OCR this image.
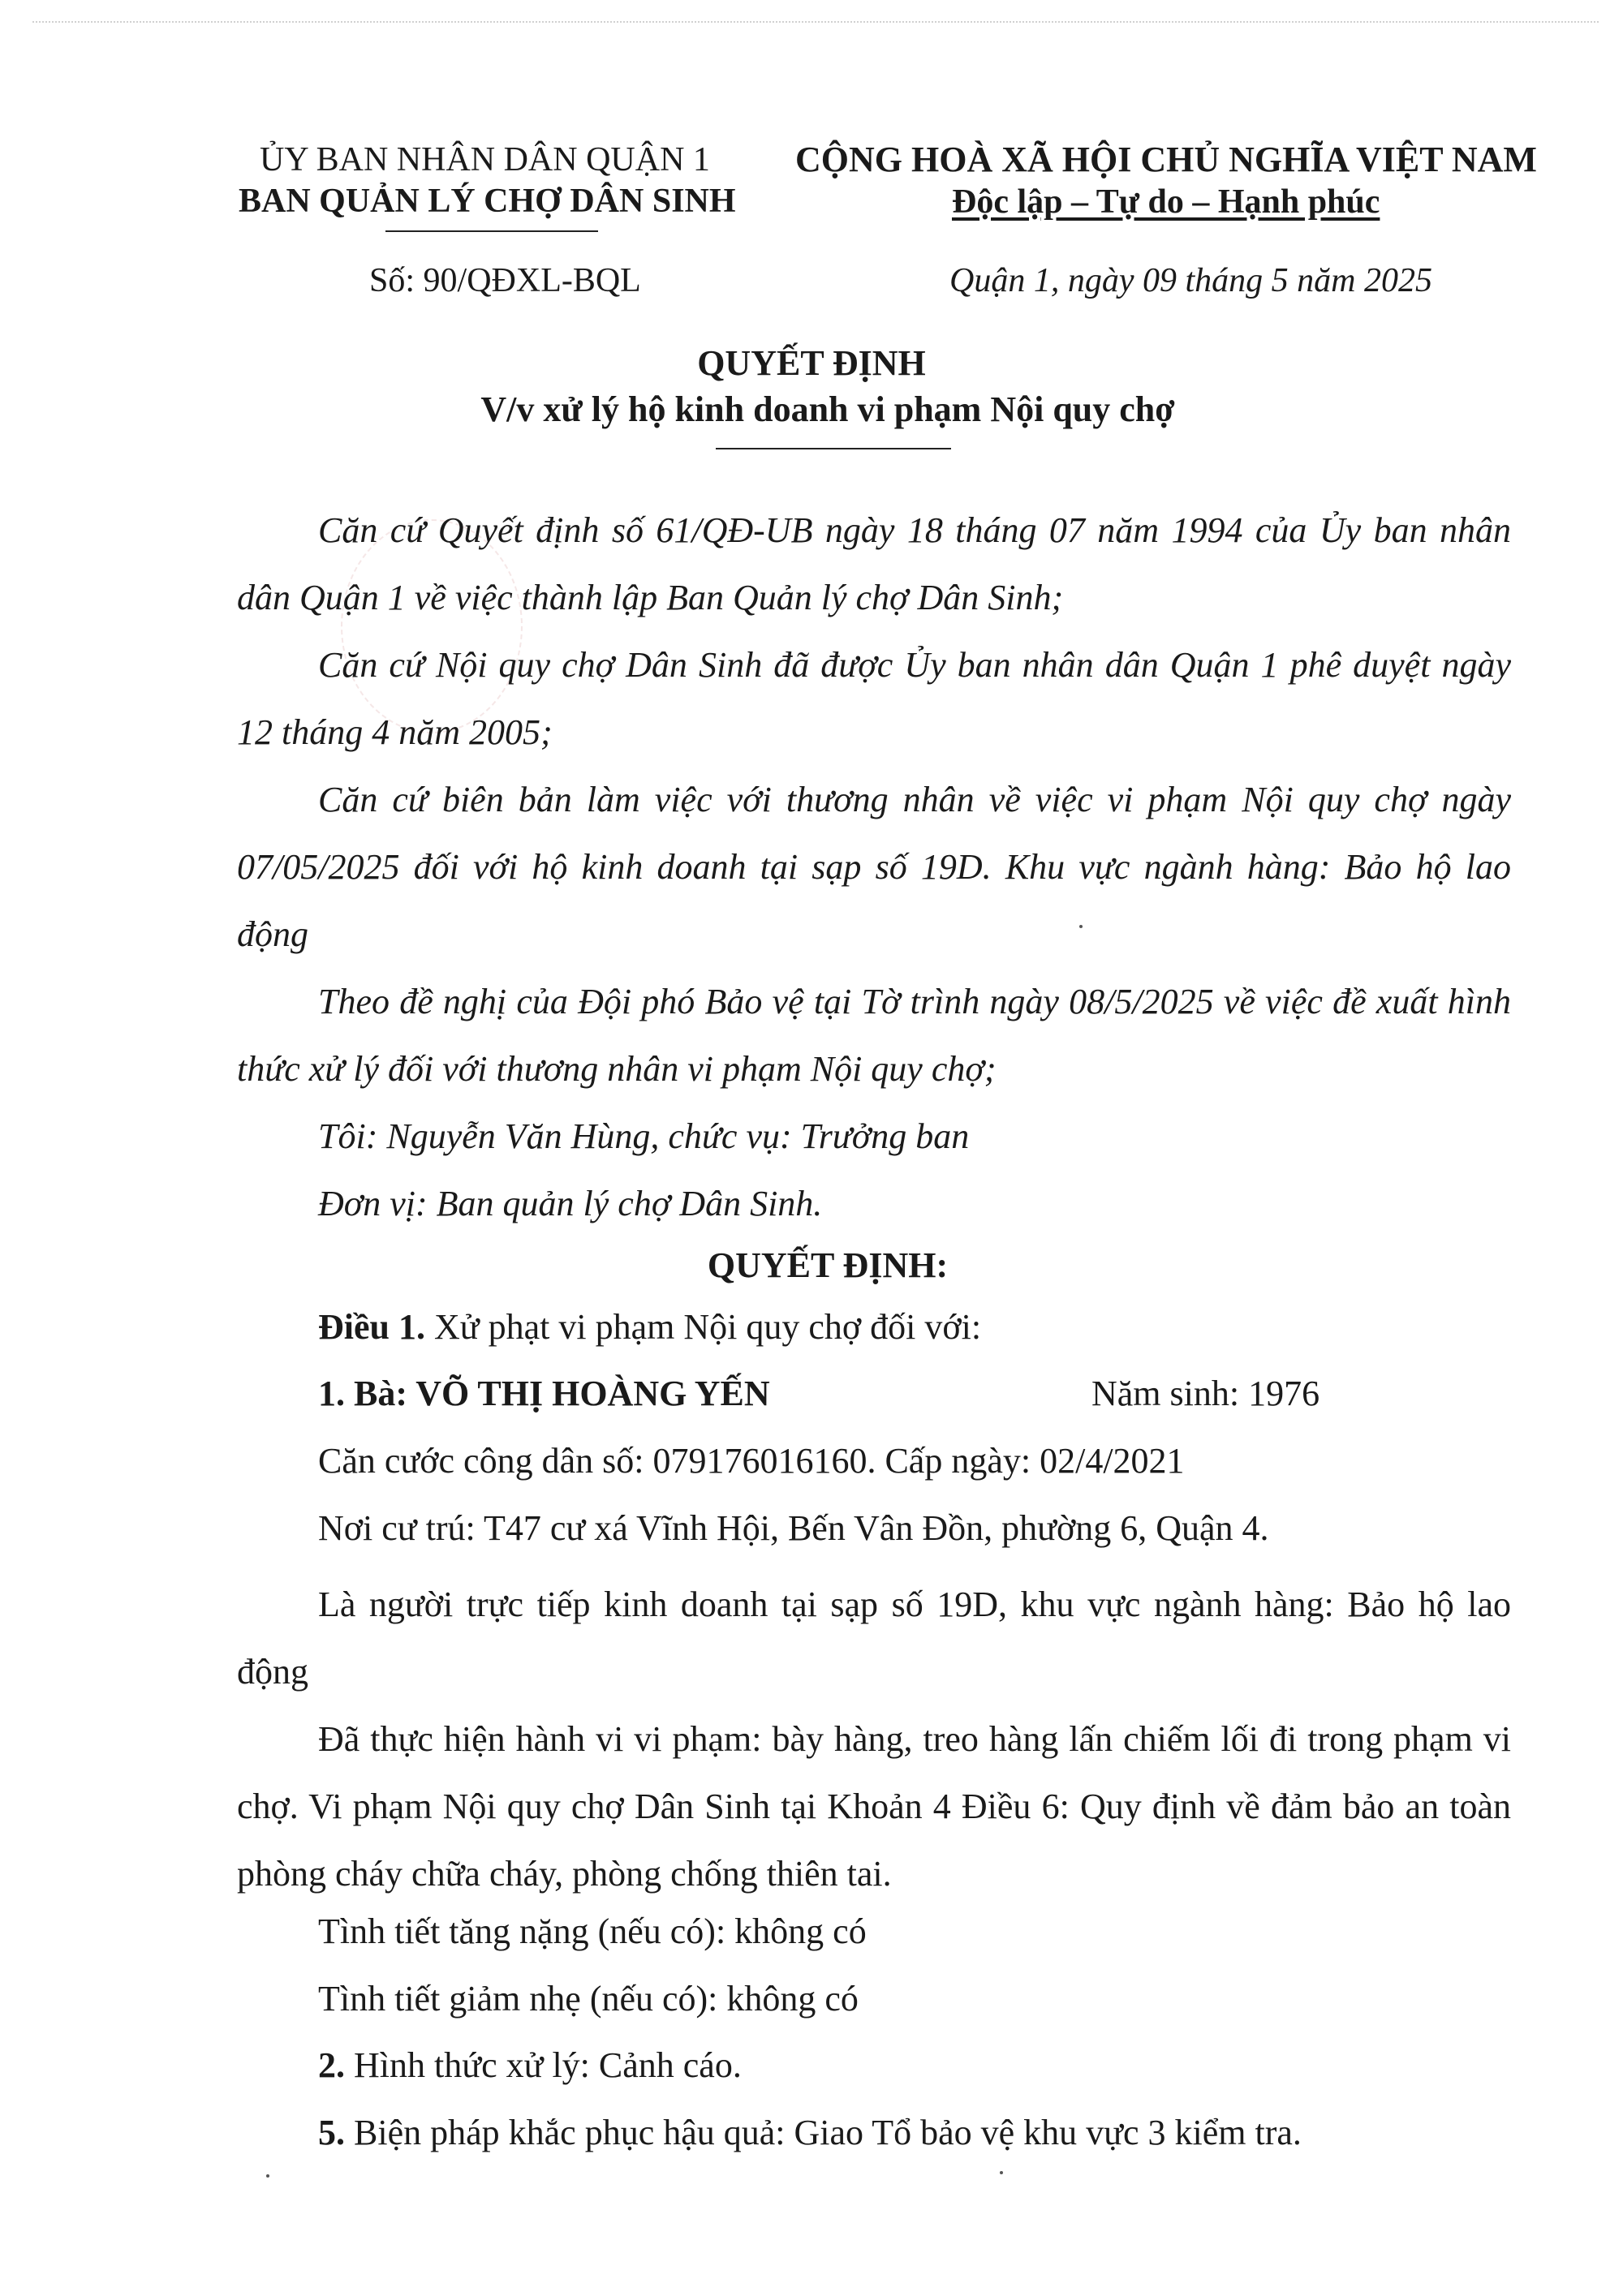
ỦY BAN NHÂN DÂN QUẬN 1
BAN QUẢN LÝ CHỢ DÂN SINH
CỘNG HOÀ XÃ HỘI CHỦ NGHĨA VIỆT NAM
Độc lập – Tự do – Hạnh phúc
Số: 90/QĐXL-BQL	Quận 1, ngày 09 tháng 5 năm 2025
QUYẾT ĐỊNH
V/v xử lý hộ kinh doanh vi phạm Nội quy chợ
Căn cứ Quyết định số 61/QĐ-UB ngày 18 tháng 07 năm 1994 của Ủy ban nhân dân Quận 1 về việc thành lập Ban Quản lý chợ Dân Sinh;
Căn cứ Nội quy chợ Dân Sinh đã được Ủy ban nhân dân Quận 1 phê duyệt ngày 12 tháng 4 năm 2005;
Căn cứ biên bản làm việc với thương nhân về việc vi phạm Nội quy chợ ngày 07/05/2025 đối với hộ kinh doanh tại sạp số 19D. Khu vực ngành hàng: Bảo hộ lao động
Theo đề nghị của Đội phó Bảo vệ tại Tờ trình ngày 08/5/2025 về việc đề xuất hình thức xử lý đối với thương nhân vi phạm Nội quy chợ;
Tôi: Nguyễn Văn Hùng, chức vụ: Trưởng ban
Đơn vị: Ban quản lý chợ Dân Sinh.
QUYẾT ĐỊNH:
Điều 1. Xử phạt vi phạm Nội quy chợ đối với:
1. Bà: VÕ THỊ HOÀNG YẾN	Năm sinh: 1976
Căn cước công dân số: 079176016160. Cấp ngày: 02/4/2021
Nơi cư trú: T47 cư xá Vĩnh Hội, Bến Vân Đồn, phường 6, Quận 4.
Là người trực tiếp kinh doanh tại sạp số 19D, khu vực ngành hàng: Bảo hộ lao động
Đã thực hiện hành vi vi phạm: bày hàng, treo hàng lấn chiếm lối đi trong phạm vi chợ. Vi phạm Nội quy chợ Dân Sinh tại Khoản 4 Điều 6: Quy định về đảm bảo an toàn phòng cháy chữa cháy, phòng chống thiên tai.
Tình tiết tăng nặng (nếu có): không có
Tình tiết giảm nhẹ (nếu có): không có
2. Hình thức xử lý: Cảnh cáo.
5. Biện pháp khắc phục hậu quả: Giao Tổ bảo vệ khu vực 3 kiểm tra.
